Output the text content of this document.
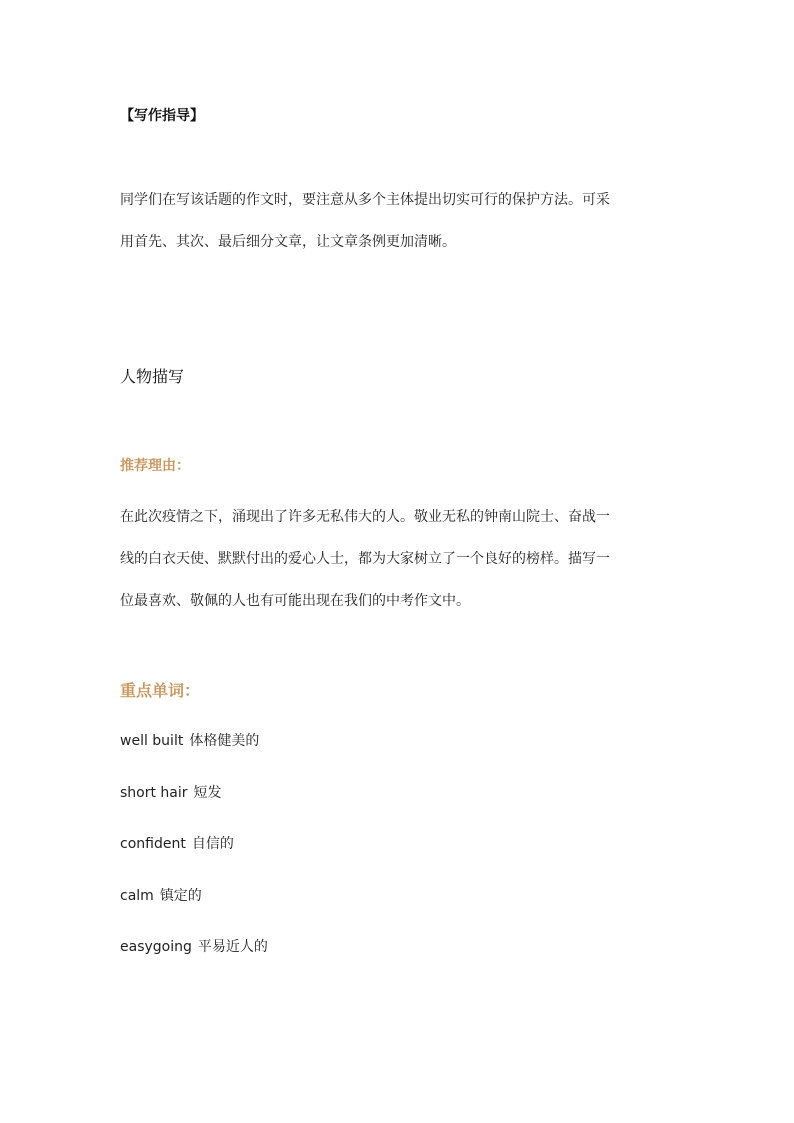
【写作指导】

同学们在写该话题的作文时，要注意从多个主体提出切实可行的保护方法。可采
用首先、其次、最后细分文章，让文章条例更加清晰。
人物描写

推荐理由：

在此次疫情之下，涌现出了许多无私伟大的人。敬业无私的钟南山院士、奋战一
线的白衣天使、默默付出的爱心人士，都为大家树立了一个良好的榜样。描写一
位最喜欢、敬佩的人也有可能出现在我们的中考作文中。

重点单词：

well built 体格健美的
short hair 短发
confident 自信的
calm 镇定的
easygoing 平易近人的
